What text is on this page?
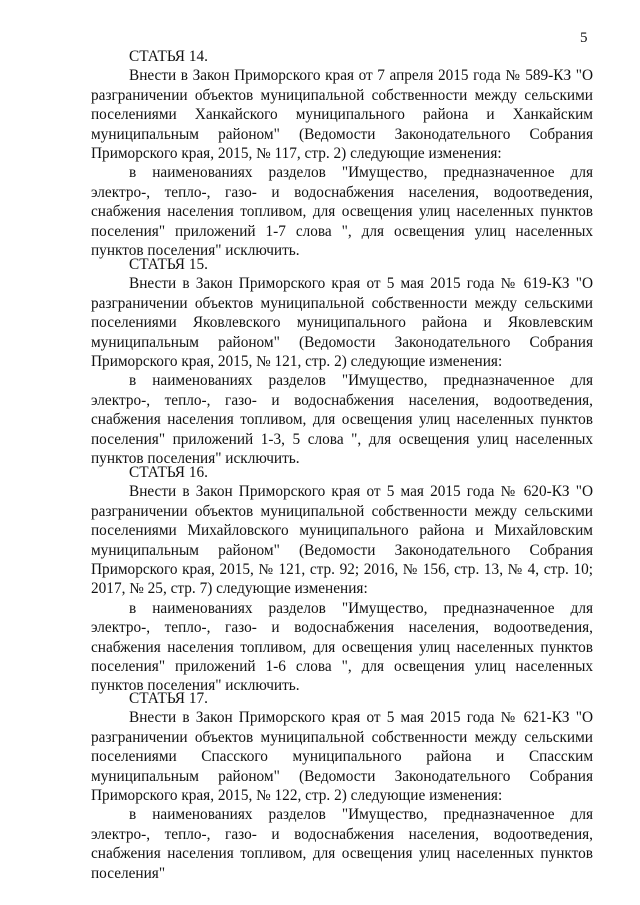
5
СТАТЬЯ 14.

Внести в Закон Приморского края от 7 апреля 2015 года № 589-КЗ "О разграничении объектов муниципальной собственности между сельскими поселениями Ханкайского муниципального района и Ханкайским муниципальным районом" (Ведомости Законодательного Собрания Приморского края, 2015, № 117, стр. 2) следующие изменения:

в наименованиях разделов "Имущество, предназначенное для электро-, тепло-, газо- и водоснабжения населения, водоотведения, снабжения населения топливом, для освещения улиц населенных пунктов поселения" приложений 1-7 слова ", для освещения улиц населенных пунктов поселения" исключить.

СТАТЬЯ 15.

Внести в Закон Приморского края от 5 мая 2015 года № 619-КЗ "О разграничении объектов муниципальной собственности между сельскими поселениями Яковлевского муниципального района и Яковлевским муниципальным районом" (Ведомости Законодательного Собрания Приморского края, 2015, № 121, стр. 2) следующие изменения:

в наименованиях разделов "Имущество, предназначенное для электро-, тепло-, газо- и водоснабжения населения, водоотведения, снабжения населения топливом, для освещения улиц населенных пунктов поселения" приложений 1-3, 5 слова ", для освещения улиц населенных пунктов поселения" исключить.

СТАТЬЯ 16.

Внести в Закон Приморского края от 5 мая 2015 года № 620-КЗ "О разграничении объектов муниципальной собственности между сельскими поселениями Михайловского муниципального района и Михайловским муниципальным районом" (Ведомости Законодательного Собрания Приморского края, 2015, № 121, стр. 92; 2016, № 156, стр. 13, № 4, стр. 10; 2017, № 25, стр. 7) следующие изменения:

в наименованиях разделов "Имущество, предназначенное для электро-, тепло-, газо- и водоснабжения населения, водоотведения, снабжения населения топливом, для освещения улиц населенных пунктов поселения" приложений 1-6 слова ", для освещения улиц населенных пунктов поселения" исключить.

СТАТЬЯ 17.

Внести в Закон Приморского края от 5 мая 2015 года № 621-КЗ "О разграничении объектов муниципальной собственности между сельскими поселениями Спасского муниципального района и Спасским муниципальным районом" (Ведомости Законодательного Собрания Приморского края, 2015, № 122, стр. 2) следующие изменения:

в наименованиях разделов "Имущество, предназначенное для электро-, тепло-, газо- и водоснабжения населения, водоотведения, снабжения населения топливом, для освещения улиц населенных пунктов поселения"
